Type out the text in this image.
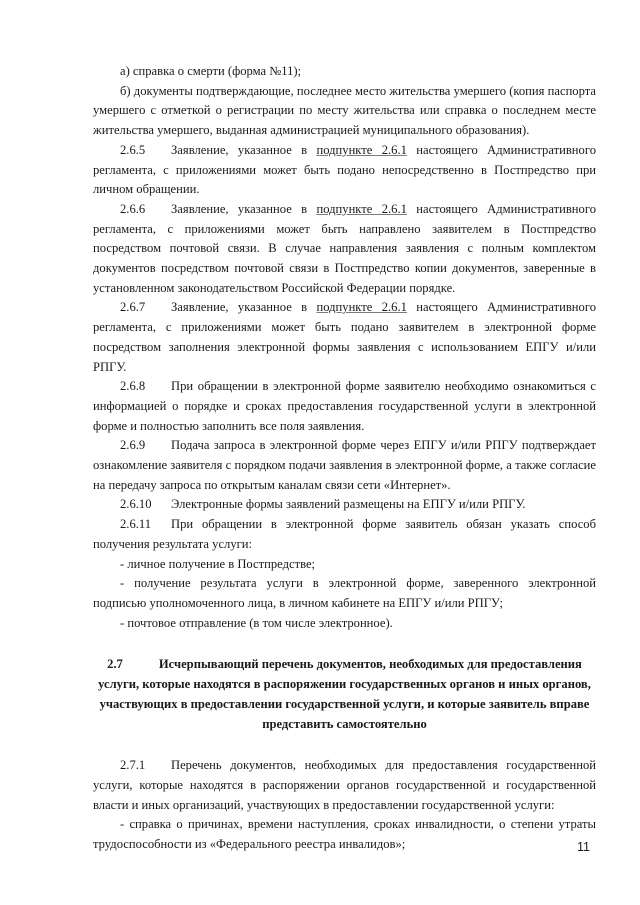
а) справка о смерти (форма №11);

б) документы подтверждающие, последнее место жительства умершего (копия паспорта умершего с отметкой о регистрации по месту жительства или справка о последнем месте жительства умершего, выданная администрацией муниципального образования).

2.6.5 Заявление, указанное в подпункте 2.6.1 настоящего Административного регламента, с приложениями может быть подано непосредственно в Постпредство при личном обращении.

2.6.6 Заявление, указанное в подпункте 2.6.1 настоящего Административного регламента, с приложениями может быть направлено заявителем в Постпредство посредством почтовой связи. В случае направления заявления с полным комплектом документов посредством почтовой связи в Постпредство копии документов, заверенные в установленном законодательством Российской Федерации порядке.

2.6.7 Заявление, указанное в подпункте 2.6.1 настоящего Административного регламента, с приложениями может быть подано заявителем в электронной форме посредством заполнения электронной формы заявления с использованием ЕПГУ и/или РПГУ.

2.6.8 При обращении в электронной форме заявителю необходимо ознакомиться с информацией о порядке и сроках предоставления государственной услуги в электронной форме и полностью заполнить все поля заявления.

2.6.9 Подача запроса в электронной форме через ЕПГУ и/или РПГУ подтверждает ознакомление заявителя с порядком подачи заявления в электронной форме, а также согласие на передачу запроса по открытым каналам связи сети «Интернет».

2.6.10 Электронные формы заявлений размещены на ЕПГУ и/или РПГУ.

2.6.11 При обращении в электронной форме заявитель обязан указать способ получения результата услуги:

- личное получение в Постпредстве;

- получение результата услуги в электронной форме, заверенного электронной подписью уполномоченного лица, в личном кабинете на ЕПГУ и/или РПГУ;

- почтовое отправление (в том числе электронное).

2.7	Исчерпывающий перечень документов, необходимых для предоставления услуги, которые находятся в распоряжении государственных органов и иных органов, участвующих в предоставлении государственной услуги, и которые заявитель вправе представить самостоятельно

2.7.1 Перечень документов, необходимых для предоставления государственной услуги, которые находятся в распоряжении органов государственной и государственной власти и иных организаций, участвующих в предоставлении государственной услуги:

- справка о причинах, времени наступления, сроках инвалидности, о степени утраты трудоспособности из «Федерального реестра инвалидов»;	11
